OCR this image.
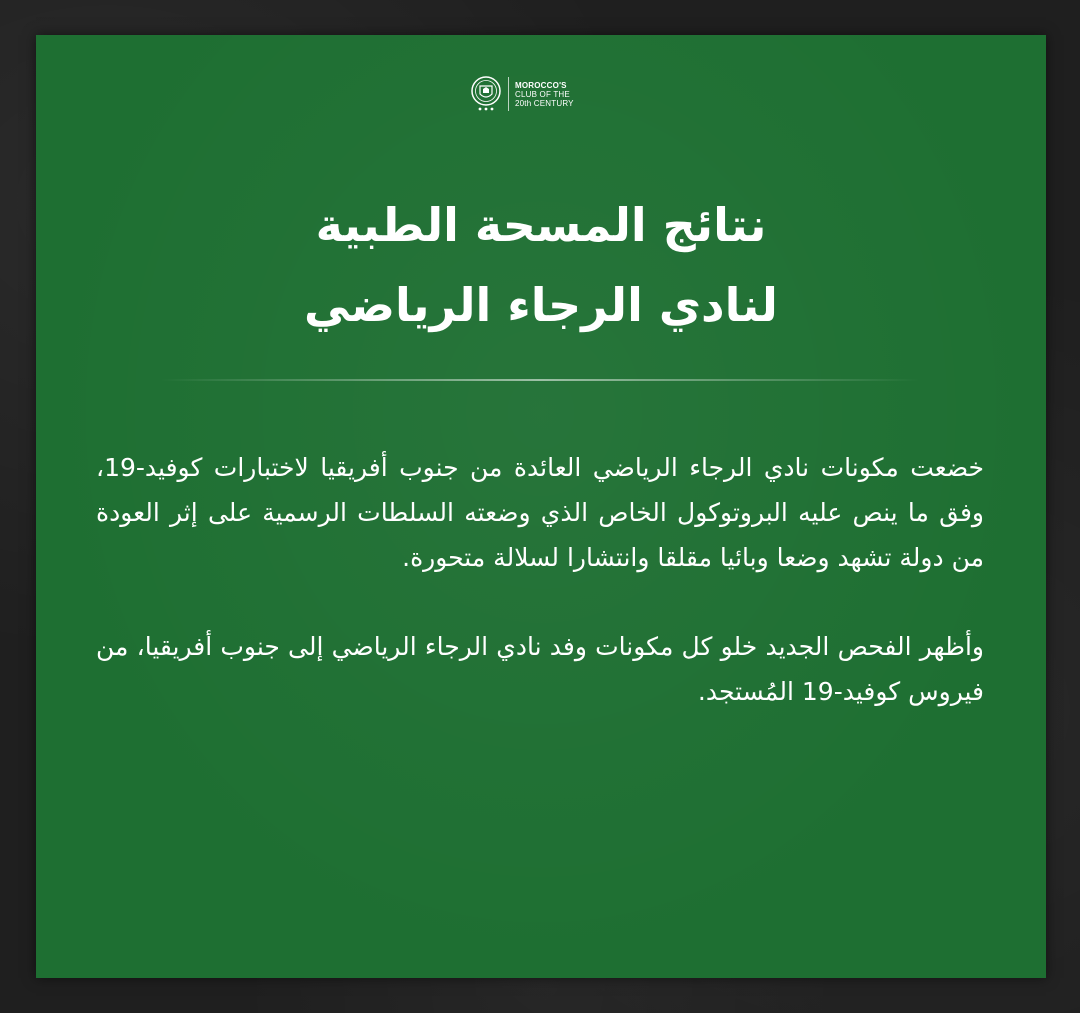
MOROCCO'S
CLUB OF THE
20th CENTURY
نتائج المسحة الطبية
لنادي الرجاء الرياضي

خضعت مكونات نادي الرجاء الرياضي العائدة من جنوب أفريقيا لاختبارات كوفيد-19، وفق ما ينص عليه البروتوكول الخاص الذي وضعته السلطات الرسمية على إثر العودة من دولة تشهد وضعا وبائيا مقلقا وانتشارا لسلالة متحورة.

وأظهر الفحص الجديد خلو كل مكونات وفد نادي الرجاء الرياضي إلى جنوب أفريقيا، من فيروس كوفيد-19 المُستجد.
